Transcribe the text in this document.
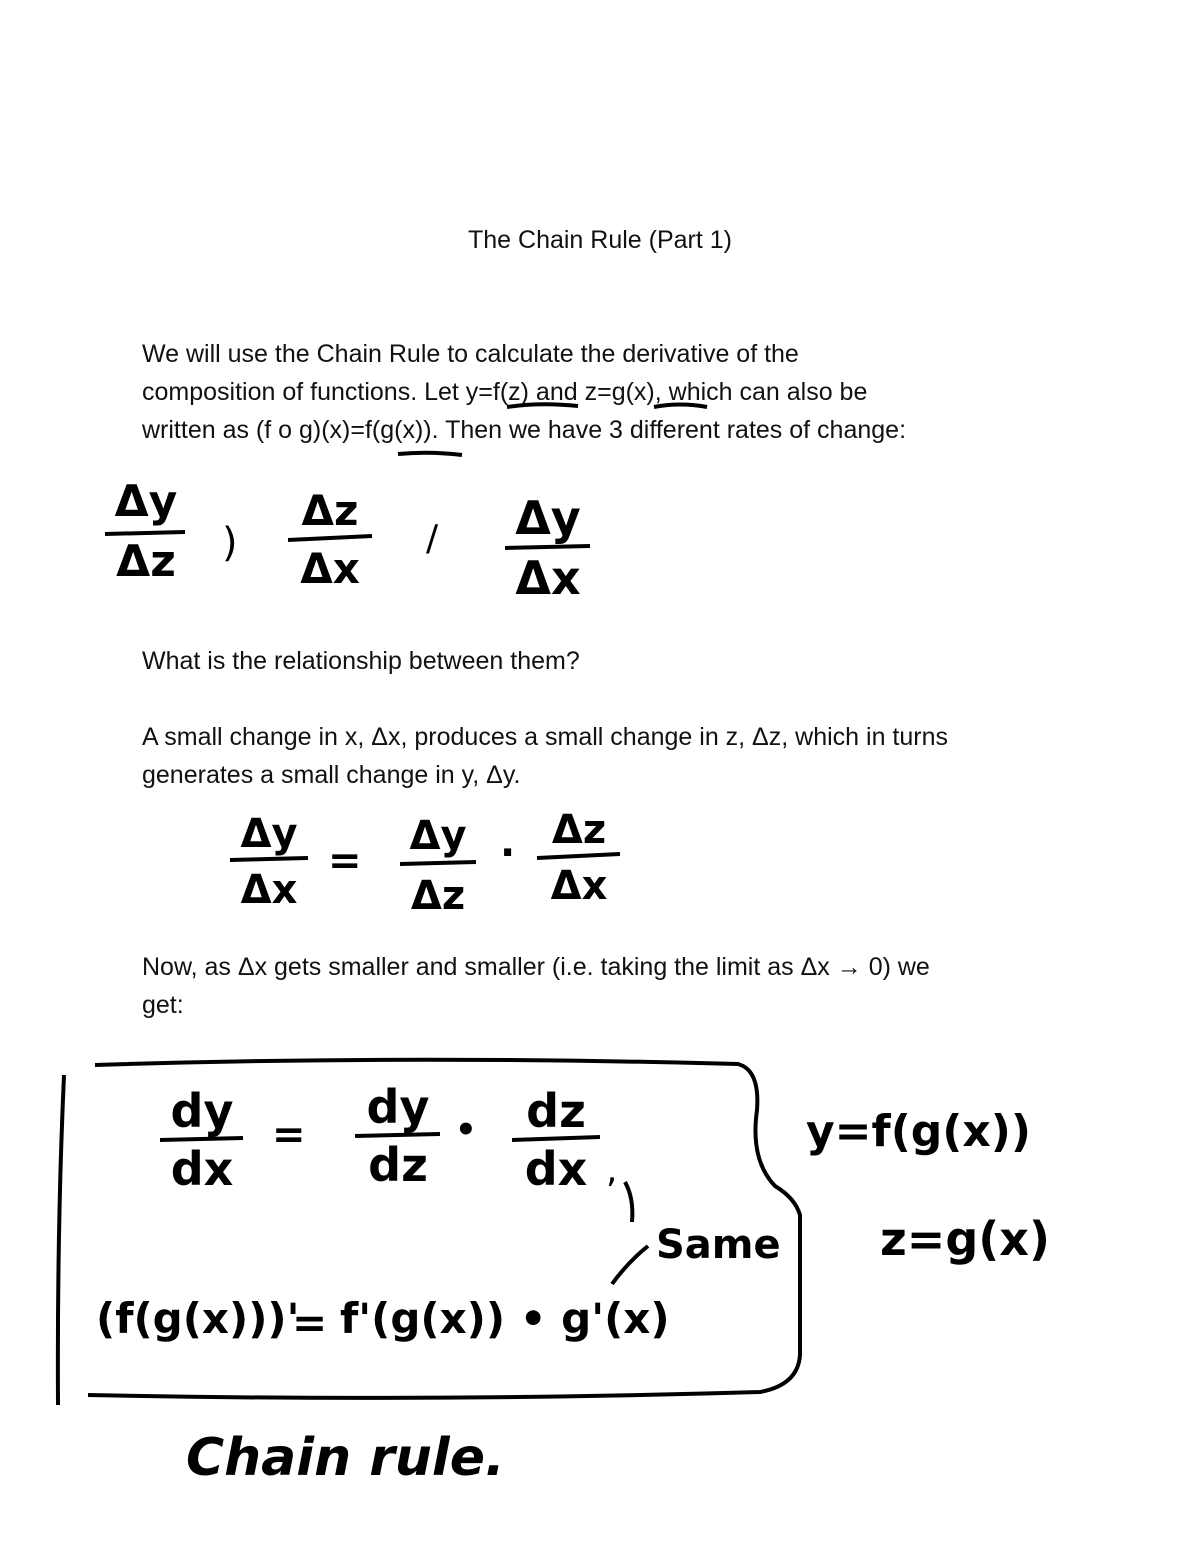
The Chain Rule (Part 1)
We will use the Chain Rule to calculate the derivative of the
composition of functions. Let y=f(z) and z=g(x), which can also be
written as (f o g)(x)=f(g(x)). Then we have 3 different rates of change:
What is the relationship between them?
A small change in x, Δx, produces a small change in z, Δz, which in turns
generates a small change in y, Δy.
Now, as Δx gets smaller and smaller (i.e. taking the limit as Δx → 0) we
get:
Δy
Δz	)
Δz
Δx
/	Δy
Δx
Δy
Δx
=
Δy
Δz
· Δz
Δx
dy
dx
=
dy
dz
•	dz
dx ,
(f(g(x)))'
= f'(g(x)) • g'(x)
Same
y=f(g(x))
z=g(x)
Chain rule.
